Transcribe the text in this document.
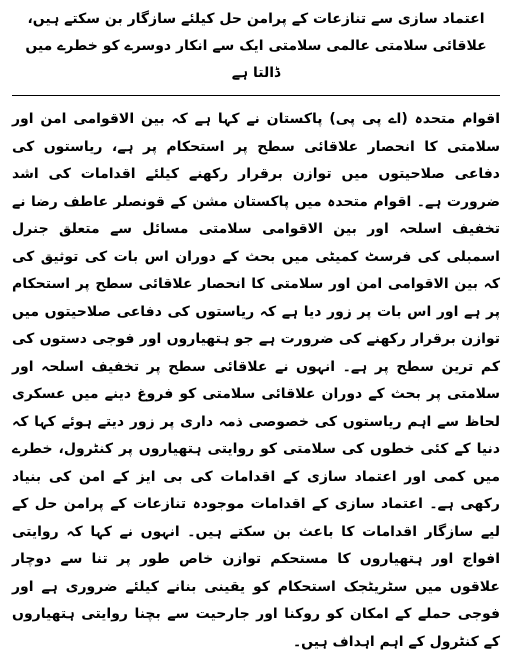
اعتماد سازی سے تنازعات کے پرامن حل کیلئے سازگار بن سکتے ہیں، علاقائی سلامتی عالمی سلامتی ایک سے انکار دوسرے کو خطرے میں ڈالتا ہے

اقوام متحدہ (اے پی پی) پاکستان نے کہا ہے کہ بین الاقوامی امن اور سلامتی کا انحصار علاقائی سطح پر استحکام پر ہے، ریاستوں کی دفاعی صلاحیتوں میں توازن برقرار رکھنے کیلئے اقدامات کی اشد ضرورت ہے۔ اقوام متحدہ میں پاکستان مشن کے قونصلر عاطف رضا نے تخفیف اسلحہ اور بین الاقوامی سلامتی مسائل سے متعلق جنرل اسمبلی کی فرسٹ کمیٹی میں بحث کے دوران اس بات کی توثیق کی کہ بین الاقوامی امن اور سلامتی کا انحصار علاقائی سطح پر استحکام پر ہے اور اس بات پر زور دیا ہے کہ ریاستوں کی دفاعی صلاحیتوں میں توازن برقرار رکھنے کی ضرورت ہے جو ہتھیاروں اور فوجی دستوں کی کم ترین سطح پر ہے۔ انہوں نے علاقائی سطح پر تخفیف اسلحہ اور سلامتی پر بحث کے دوران علاقائی سلامتی کو فروغ دینے میں عسکری لحاظ سے اہم ریاستوں کی خصوصی ذمہ داری پر زور دیتے ہوئے کہا کہ دنیا کے کئی خطوں کی سلامتی کو روایتی ہتھیاروں پر کنٹرول، خطرے میں کمی اور اعتماد سازی کے اقدامات کی بی ایز کے امن کی بنیاد رکھی ہے۔ اعتماد سازی کے اقدامات موجودہ تنازعات کے پرامن حل کے لیے سازگار اقدامات کا باعث بن سکتے ہیں۔ انہوں نے کہا کہ روایتی افواج اور ہتھیاروں کا مستحکم توازن خاص طور پر تنا سے دوچار علاقوں میں سٹریٹجک استحکام کو یقینی بنانے کیلئے ضروری ہے اور فوجی حملے کے امکان کو روکنا اور جارحیت سے بچنا روایتی ہتھیاروں کے کنٹرول کے اہم اہداف ہیں۔
